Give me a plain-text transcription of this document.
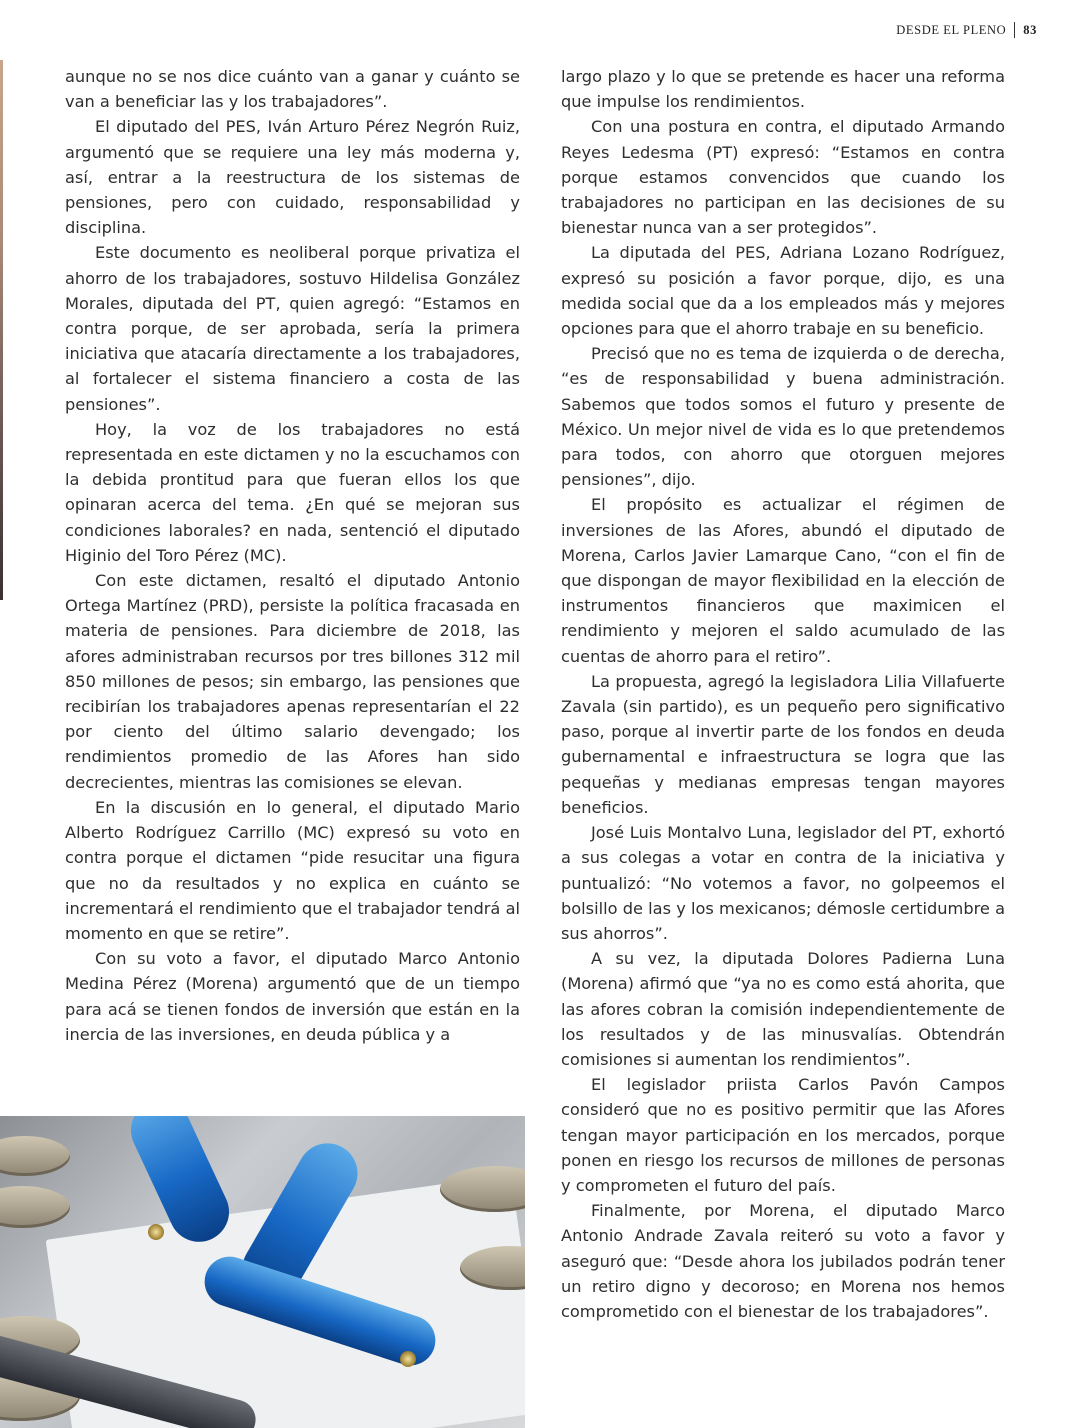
DESDE EL PLENO 83

aunque no se nos dice cuánto van a ganar y cuánto se van a beneficiar las y los trabajadores”.

El diputado del PES, Iván Arturo Pérez Negrón Ruiz, argumentó que se requiere una ley más moderna y, así, entrar a la reestructura de los sistemas de pensiones, pero con cuidado, responsabilidad y disciplina.

Este documento es neoliberal porque privatiza el ahorro de los trabajadores, sostuvo Hildelisa González Morales, diputada del PT, quien agregó: “Estamos en contra porque, de ser aprobada, sería la primera iniciativa que atacaría directamente a los trabajadores, al fortalecer el sistema financiero a costa de las pensiones”.

Hoy, la voz de los trabajadores no está representada en este dictamen y no la escuchamos con la debida prontitud para que fueran ellos los que opinaran acerca del tema. ¿En qué se mejoran sus condiciones laborales? en nada, sentenció el diputado Higinio del Toro Pérez (MC).

Con este dictamen, resaltó el diputado Antonio Ortega Martínez (PRD), persiste la política fracasada en materia de pensiones. Para diciembre de 2018, las afores administraban recursos por tres billones 312 mil 850 millones de pesos; sin embargo, las pensiones que recibirían los trabajadores apenas representarían el 22 por ciento del último salario devengado; los rendimientos promedio de las Afores han sido decrecientes, mientras las comisiones se elevan.

En la discusión en lo general, el diputado Mario Alberto Rodríguez Carrillo (MC) expresó su voto en contra porque el dictamen “pide resucitar una figura que no da resultados y no explica en cuánto se incrementará el rendimiento que el trabajador tendrá al momento en que se retire”.

Con su voto a favor, el diputado Marco Antonio Medina Pérez (Morena) argumentó que de un tiempo para acá se tienen fondos de inversión que están en la inercia de las inversiones, en deuda pública y a

largo plazo y lo que se pretende es hacer una reforma que impulse los rendimientos.

Con una postura en contra, el diputado Armando Reyes Ledesma (PT) expresó: “Estamos en contra porque estamos convencidos que cuando los trabajadores no participan en las decisiones de su bienestar nunca van a ser protegidos”.

La diputada del PES, Adriana Lozano Rodríguez, expresó su posición a favor porque, dijo, es una medida social que da a los empleados más y mejores opciones para que el ahorro trabaje en su beneficio.

Precisó que no es tema de izquierda o de derecha, “es de responsabilidad y buena administración. Sabemos que todos somos el futuro y presente de México. Un mejor nivel de vida es lo que pretendemos para todos, con ahorro que otorguen mejores pensiones”, dijo.

El propósito es actualizar el régimen de inversiones de las Afores, abundó el diputado de Morena, Carlos Javier Lamarque Cano, “con el fin de que dispongan de mayor flexibilidad en la elección de instrumentos financieros que maximicen el rendimiento y mejoren el saldo acumulado de las cuentas de ahorro para el retiro”.

La propuesta, agregó la legisladora Lilia Villafuerte Zavala (sin partido), es un pequeño pero significativo paso, porque al invertir parte de los fondos en deuda gubernamental e infraestructura se logra que las pequeñas y medianas empresas tengan mayores beneficios.

José Luis Montalvo Luna, legislador del PT, exhortó a sus colegas a votar en contra de la iniciativa y puntualizó: “No votemos a favor, no golpeemos el bolsillo de las y los mexicanos; démosle certidumbre a sus ahorros”.

A su vez, la diputada Dolores Padierna Luna (Morena) afirmó que “ya no es como está ahorita, que las afores cobran la comisión independientemente de los resultados y de las minusvalías. Obtendrán comisiones si aumentan los rendimientos”.

El legislador priista Carlos Pavón Campos consideró que no es positivo permitir que las Afores tengan mayor participación en los mercados, porque ponen en riesgo los recursos de millones de personas y comprometen el futuro del país.

Finalmente, por Morena, el diputado Marco Antonio Andrade Zavala reiteró su voto a favor y aseguró que: “Desde ahora los jubilados podrán tener un retiro digno y decoroso; en Morena nos hemos comprometido con el bienestar de los trabajadores”.
